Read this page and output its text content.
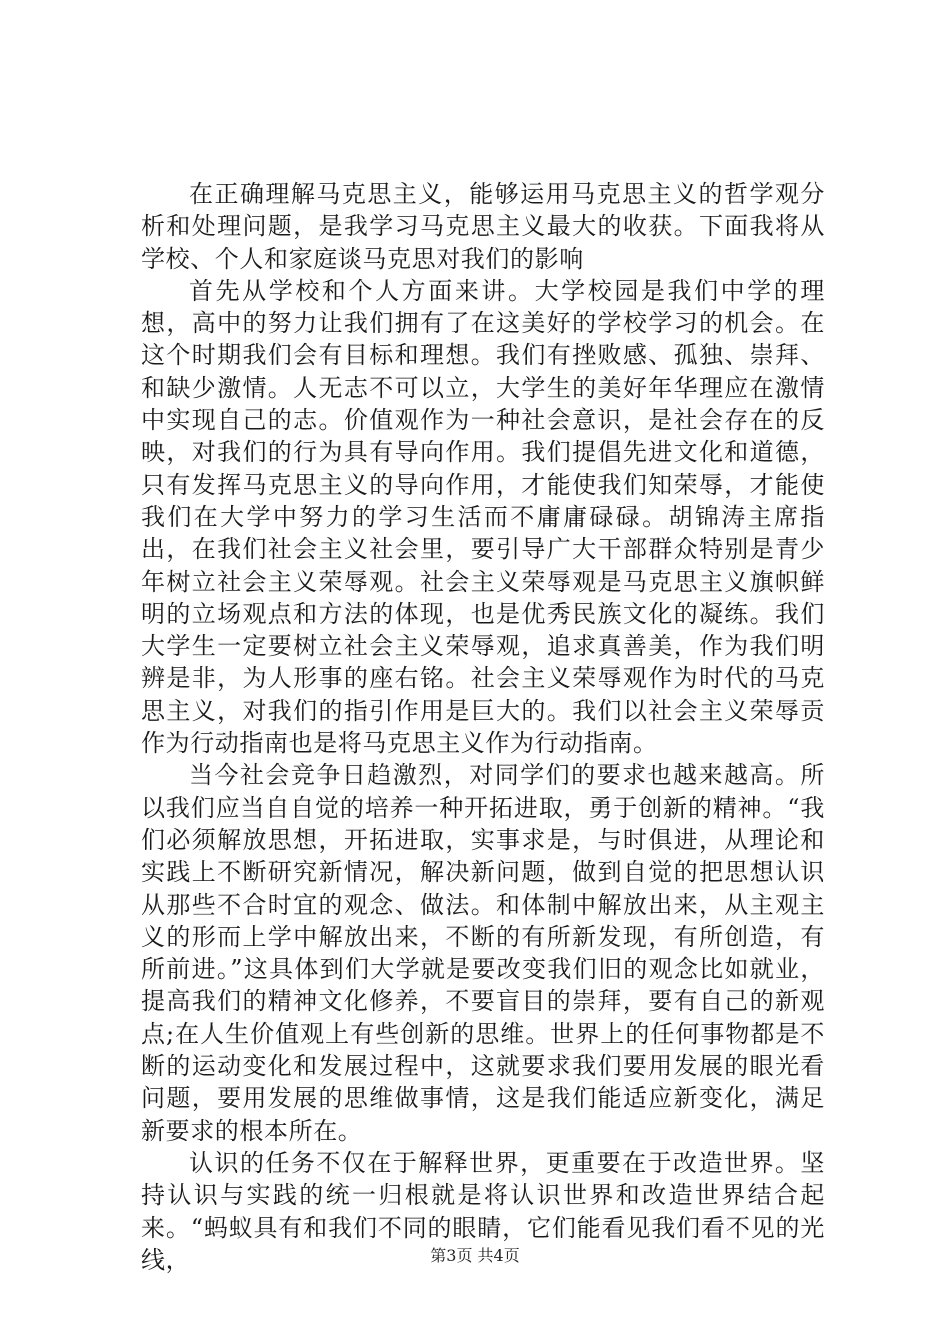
在正确理解马克思主义，能够运用马克思主义的哲学观分析和处理问题，是我学习马克思主义最大的收获。下面我将从学校、个人和家庭谈马克思对我们的影响

首先从学校和个人方面来讲。大学校园是我们中学的理想，高中的努力让我们拥有了在这美好的学校学习的机会。在这个时期我们会有目标和理想。我们有挫败感、孤独、崇拜、和缺少激情。人无志不可以立，大学生的美好年华理应在激情中实现自己的志。价值观作为一种社会意识，是社会存在的反映，对我们的行为具有导向作用。我们提倡先进文化和道德，只有发挥马克思主义的导向作用，才能使我们知荣辱，才能使我们在大学中努力的学习生活而不庸庸碌碌。胡锦涛主席指出，在我们社会主义社会里，要引导广大干部群众特别是青少年树立社会主义荣辱观。社会主义荣辱观是马克思主义旗帜鲜明的立场观点和方法的体现，也是优秀民族文化的凝练。我们大学生一定要树立社会主义荣辱观，追求真善美，作为我们明辨是非，为人形事的座右铭。社会主义荣辱观作为时代的马克思主义，对我们的指引作用是巨大的。我们以社会主义荣辱贡作为行动指南也是将马克思主义作为行动指南。

当今社会竞争日趋激烈，对同学们的要求也越来越高。所以我们应当自自觉的培养一种开拓进取，勇于创新的精神。“我们必须解放思想，开拓进取，实事求是，与时俱进，从理论和实践上不断研究新情况，解决新问题，做到自觉的把思想认识从那些不合时宜的观念、做法。和体制中解放出来，从主观主义的形而上学中解放出来，不断的有所新发现，有所创造，有所前进。”这具体到们大学就是要改变我们旧的观念比如就业，提高我们的精神文化修养，不要盲目的崇拜，要有自己的新观点;在人生价值观上有些创新的思维。世界上的任何事物都是不断的运动变化和发展过程中，这就要求我们要用发展的眼光看问题，要用发展的思维做事情，这是我们能适应新变化，满足新要求的根本所在。

认识的任务不仅在于解释世界，更重要在于改造世界。坚持认识与实践的统一归根就是将认识世界和改造世界结合起来。“蚂蚁具有和我们不同的眼睛，它们能看见我们看不见的光线，	第3页 共4页
